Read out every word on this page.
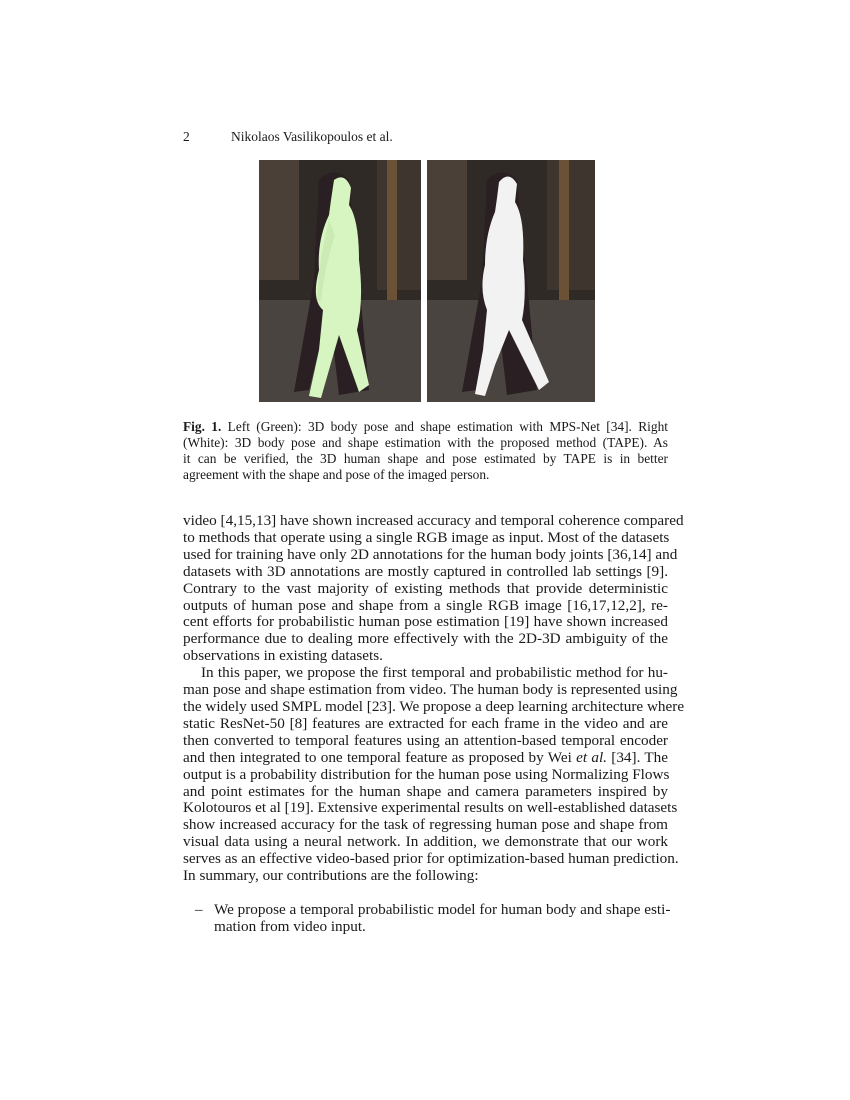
2	Nikolaos Vasilikopoulos et al.
Fig. 1. Left (Green): 3D body pose and shape estimation with MPS-Net [34]. Right
(White): 3D body pose and shape estimation with the proposed method (TAPE). As
it can be verified, the 3D human shape and pose estimated by TAPE is in better
agreement with the shape and pose of the imaged person.
video [4,15,13] have shown increased accuracy and temporal coherence compared
to methods that operate using a single RGB image as input. Most of the datasets
used for training have only 2D annotations for the human body joints [36,14] and
datasets with 3D annotations are mostly captured in controlled lab settings [9].
Contrary to the vast majority of existing methods that provide deterministic
outputs of human pose and shape from a single RGB image [16,17,12,2], re-
cent efforts for probabilistic human pose estimation [19] have shown increased
performance due to dealing more effectively with the 2D-3D ambiguity of the
observations in existing datasets.
In this paper, we propose the first temporal and probabilistic method for hu-
man pose and shape estimation from video. The human body is represented using
the widely used SMPL model [23]. We propose a deep learning architecture where
static ResNet-50 [8] features are extracted for each frame in the video and are
then converted to temporal features using an attention-based temporal encoder
and then integrated to one temporal feature as proposed by Wei et al. [34]. The
output is a probability distribution for the human pose using Normalizing Flows
and point estimates for the human shape and camera parameters inspired by
Kolotouros et al [19]. Extensive experimental results on well-established datasets
show increased accuracy for the task of regressing human pose and shape from
visual data using a neural network. In addition, we demonstrate that our work
serves as an effective video-based prior for optimization-based human prediction.
In summary, our contributions are the following:
– We propose a temporal probabilistic model for human body and shape esti-
mation from video input.
